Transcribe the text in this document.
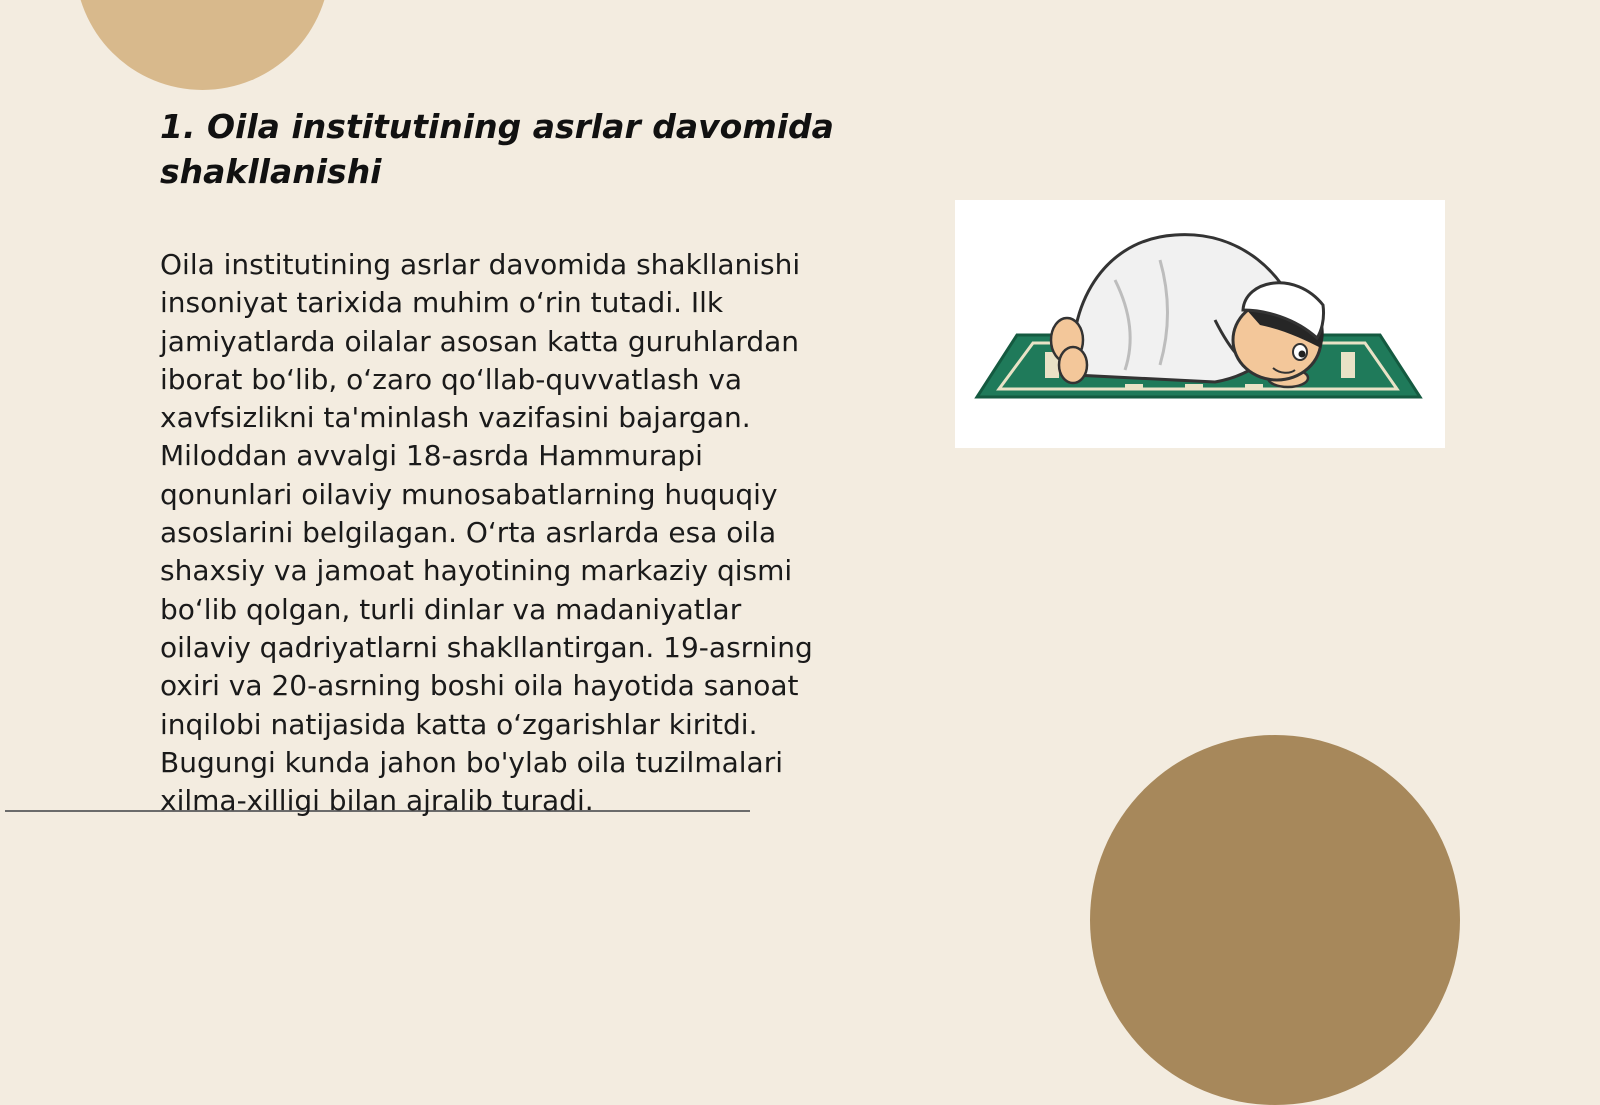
1. Oila institutining asrlar davomida shakllanishi

Oila institutining asrlar davomida shakllanishi insoniyat tarixida muhim o‘rin tutadi. Ilk jamiyatlarda oilalar asosan katta guruhlardan iborat bo‘lib, o‘zaro qo‘llab-quvvatlash va xavfsizlikni ta'minlash vazifasini bajargan. Miloddan avvalgi 18-asrda Hammurapi qonunlari oilaviy munosabatlarning huquqiy asoslarini belgilagan. O‘rta asrlarda esa oila shaxsiy va jamoat hayotining markaziy qismi bo‘lib qolgan, turli dinlar va madaniyatlar oilaviy qadriyatlarni shakllantirgan. 19-asrning oxiri va 20-asrning boshi oila hayotida sanoat inqilobi natijasida katta o‘zgarishlar kiritdi. Bugungi kunda jahon bo'ylab oila tuzilmalari xilma-xilligi bilan ajralib turadi.
